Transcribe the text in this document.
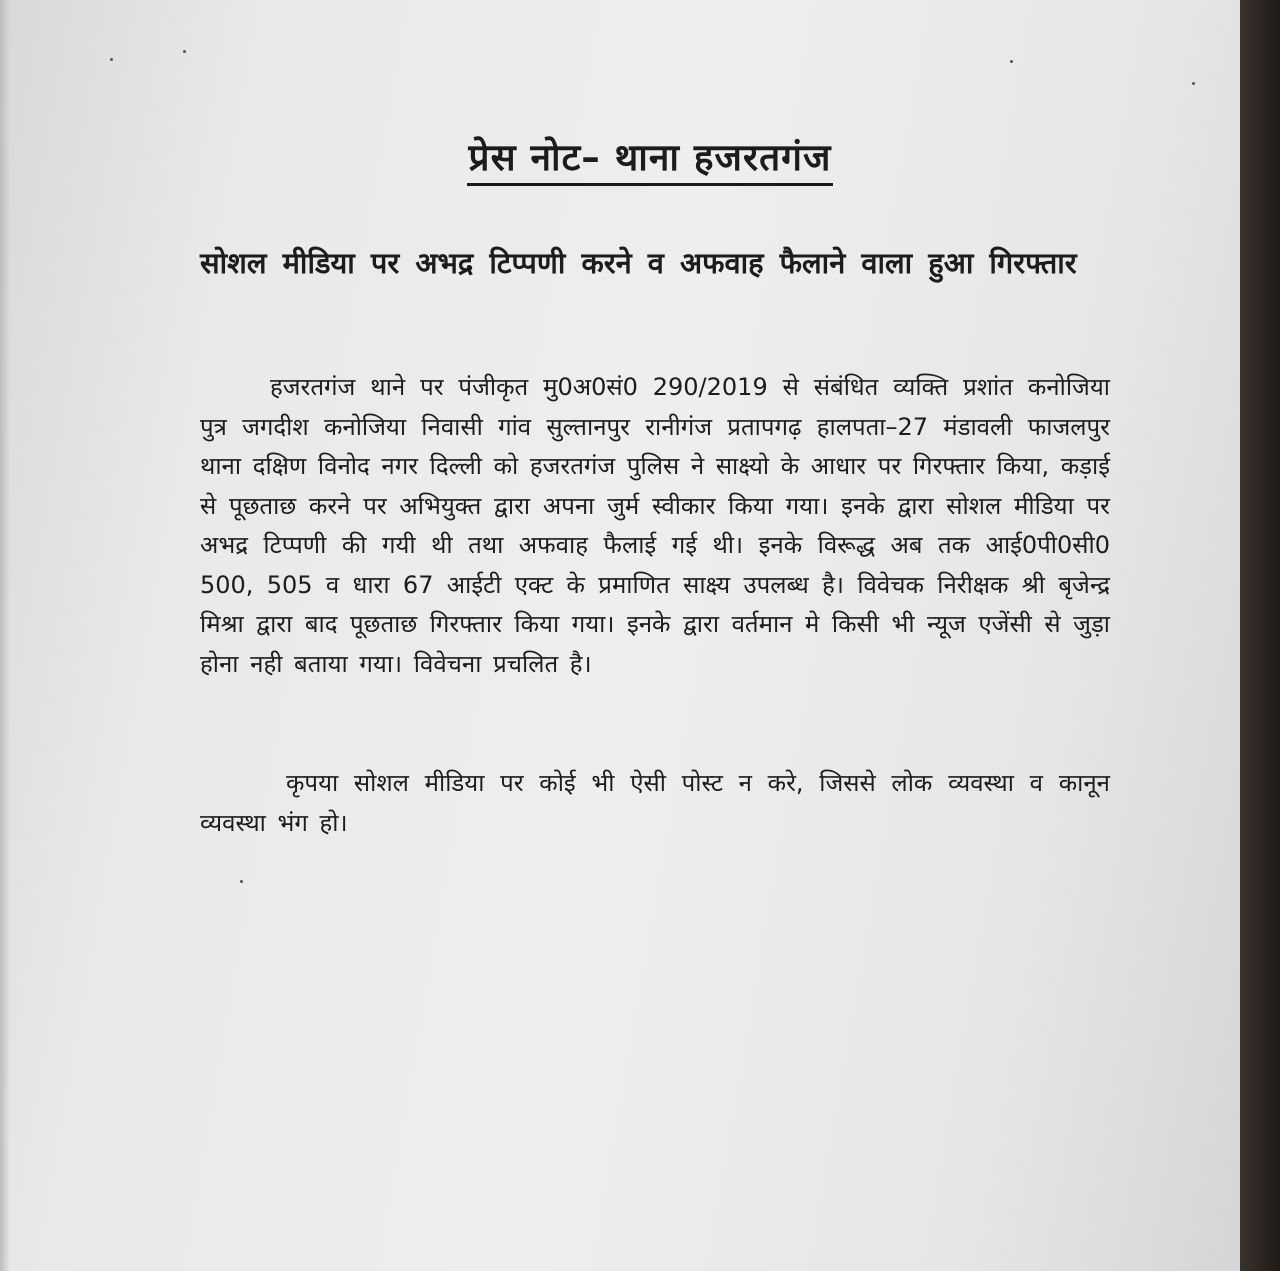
प्रेस नोट– थाना हजरतगंज
सोशल मीडिया पर अभद्र टिप्पणी करने व अफवाह फैलाने वाला हुआ गिरफ्तार
हजरतगंज थाने पर पंजीकृत मु0अ0सं0 290/2019 से संबंधित व्यक्ति प्रशांत कनोजिया पुत्र जगदीश कनोजिया निवासी गांव सुल्तानपुर रानीगंज प्रतापगढ़ हालपता–27 मंडावली फाजलपुर थाना दक्षिण विनोद नगर दिल्ली को हजरतगंज पुलिस ने साक्ष्यो के आधार पर गिरफ्तार किया, कड़ाई से पूछताछ करने पर अभियुक्त द्वारा अपना जुर्म स्वीकार किया गया। इनके द्वारा सोशल मीडिया पर अभद्र टिप्पणी की गयी थी तथा अफवाह फैलाई गई थी। इनके विरूद्ध अब तक आई0पी0सी0 500, 505 व धारा 67 आईटी एक्ट के प्रमाणित साक्ष्य उपलब्ध है। विवेचक निरीक्षक श्री बृजेन्द्र मिश्रा द्वारा बाद पूछताछ गिरफ्तार किया गया। इनके द्वारा वर्तमान मे किसी भी न्यूज एजेंसी से जुड़ा होना नही बताया गया। विवेचना प्रचलित है।
कृपया सोशल मीडिया पर कोई भी ऐसी पोस्ट न करे, जिससे लोक व्यवस्था व कानून व्यवस्था भंग हो।
